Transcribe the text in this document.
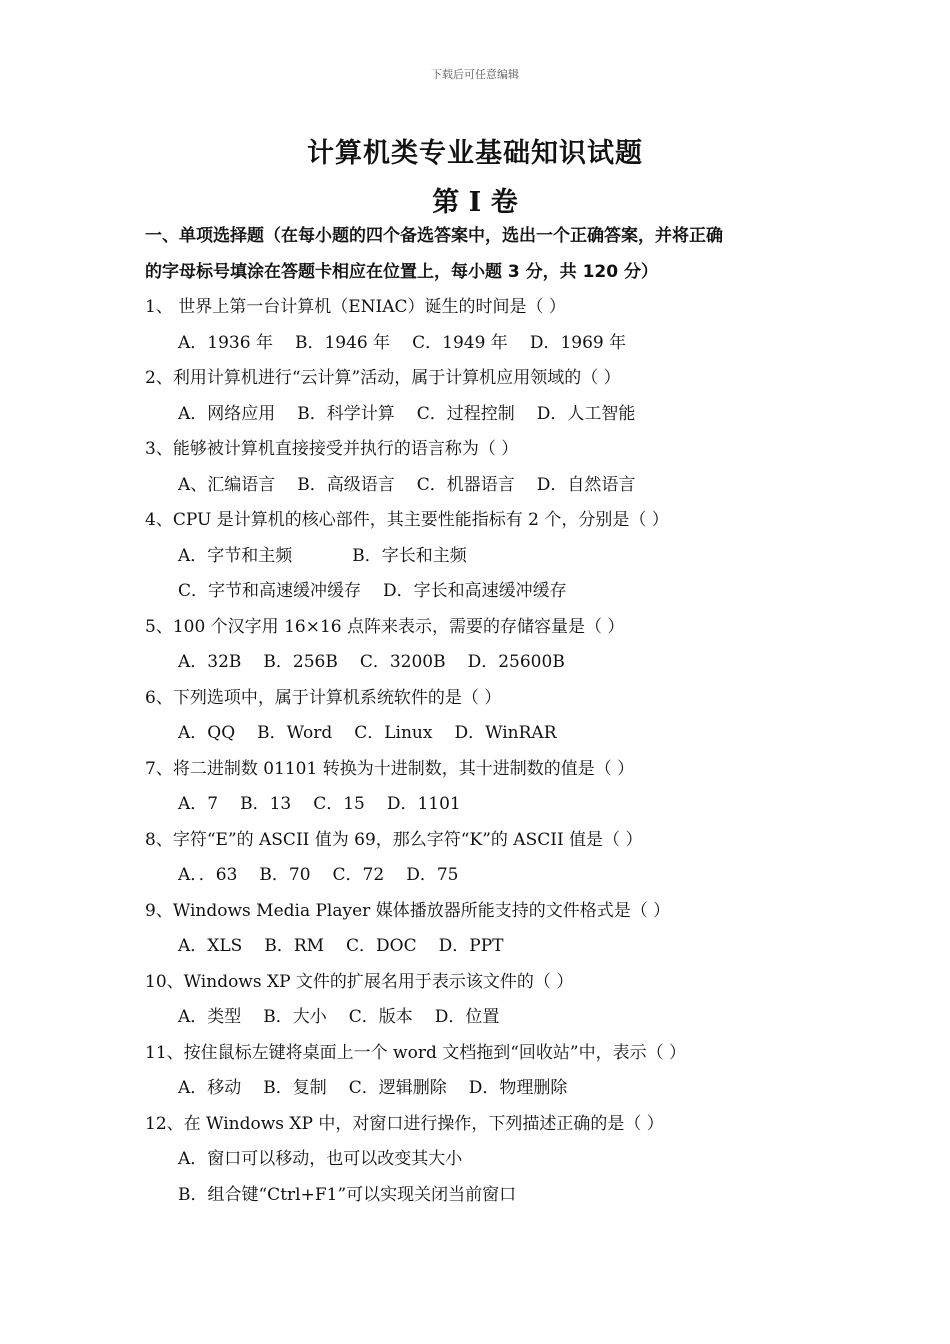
下载后可任意编辑
计算机类专业基础知识试题
第 I 卷
一、单项选择题（在每小题的四个备选答案中，选出一个正确答案，并将正确
的字母标号填涂在答题卡相应在位置上，每小题 3 分，共 120 分）
1、 世界上第一台计算机（ENIAC）诞生的时间是（ ）
A．1936 年 B．1946 年 C．1949 年 D．1969 年
2、利用计算机进行“云计算”活动，属于计算机应用领域的（ ）
A．网络应用 B．科学计算 C．过程控制 D．人工智能
3、能够被计算机直接接受并执行的语言称为（ ）
A、汇编语言 B．高级语言 C．机器语言 D．自然语言
4、CPU 是计算机的核心部件，其主要性能指标有 2 个，分别是（ ）
A．字节和主频	B．字长和主频
C．字节和高速缓冲缓存 D．字长和高速缓冲缓存
5、100 个汉字用 16×16 点阵来表示，需要的存储容量是（ ）
A．32B B．256B C．3200B D．25600B
6、下列选项中，属于计算机系统软件的是（ ）
A．QQ B．Word C．Linux D．WinRAR
7、将二进制数 01101 转换为十进制数，其十进制数的值是（ ）
A．7 B．13 C．15 D．1101
8、字符“E”的 ASCII 值为 69，那么字符“K”的 ASCII 值是（ ）
A．．63 B．70 C．72 D．75
9、Windows Media Player 媒体播放器所能支持的文件格式是（ ）
A．XLS B．RM C．DOC D．PPT
10、Windows XP 文件的扩展名用于表示该文件的（ ）
A．类型 B．大小 C．版本 D．位置
11、按住鼠标左键将桌面上一个 word 文档拖到“回收站”中，表示（ ）
A．移动 B．复制 C．逻辑删除 D．物理删除
12、在 Windows XP 中，对窗口进行操作，下列描述正确的是（ ）
A．窗口可以移动，也可以改变其大小
B．组合键“Ctrl+F1”可以实现关闭当前窗口
